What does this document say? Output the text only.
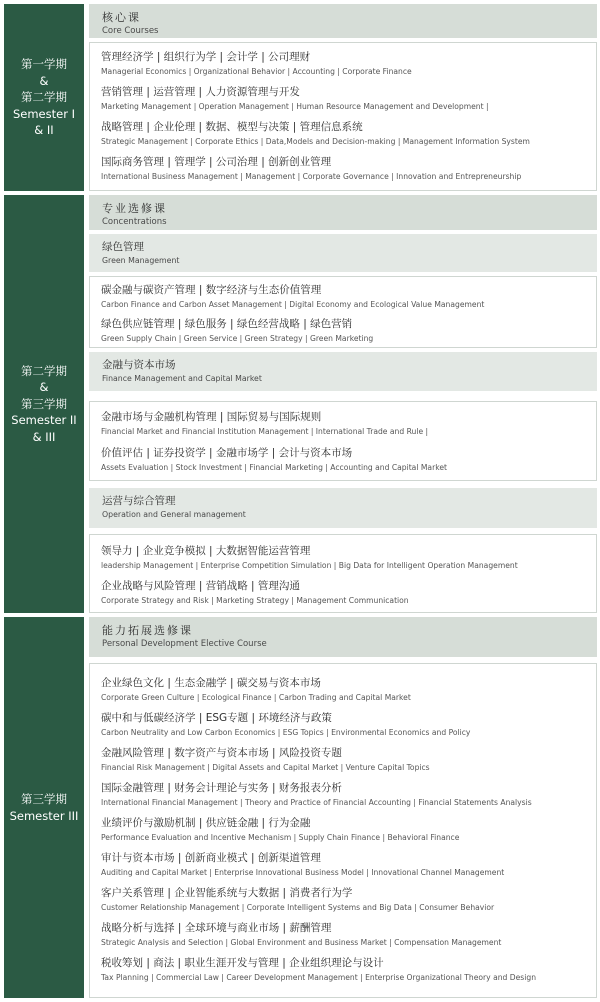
第一学期
&
第二学期
Semester I
& II
第二学期
&
第三学期
Semester II
& III
第三学期
Semester III
核心课
Core Courses
管理经济学 | 组织行为学 | 会计学 | 公司理财
Managerial Economics | Organizational Behavior | Accounting | Corporate Finance
营销管理 | 运营管理 | 人力资源管理与开发
Marketing Management | Operation Management | Human Resource Management and Development |
战略管理 | 企业伦理 | 数据、模型与决策 | 管理信息系统
Strategic Management | Corporate Ethics | Data,Models and Decision-making | Management Information System
国际商务管理 | 管理学 | 公司治理 | 创新创业管理
International Business Management | Management | Corporate Governance | Innovation and Entrepreneurship
专业选修课
Concentrations
绿色管理
Green Management
碳金融与碳资产管理 | 数字经济与生态价值管理
Carbon Finance and Carbon Asset Management | Digital Economy and Ecological Value Management
绿色供应链管理 | 绿色服务 | 绿色经营战略 | 绿色营销
Green Supply Chain | Green Service | Green Strategy | Green Marketing
金融与资本市场
Finance Management and Capital Market
金融市场与金融机构管理 | 国际贸易与国际规则
Financial Market and Financial Institution Management | International Trade and Rule |
价值评估 | 证券投资学 | 金融市场学 | 会计与资本市场
Assets Evaluation | Stock Investment | Financial Marketing | Accounting and Capital Market
运营与综合管理
Operation and General management
领导力 | 企业竞争模拟 | 大数据智能运营管理
leadership Management | Enterprise Competition Simulation | Big Data for Intelligent Operation Management
企业战略与风险管理 | 营销战略 | 管理沟通
Corporate Strategy and Risk | Marketing Strategy | Management Communication
能力拓展选修课
Personal Development Elective Course
企业绿色文化 | 生态金融学 | 碳交易与资本市场
Corporate Green Culture | Ecological Finance | Carbon Trading and Capital Market
碳中和与低碳经济学 | ESG专题 | 环境经济与政策
Carbon Neutrality and Low Carbon Economics | ESG Topics | Environmental Economics and Policy
金融风险管理 | 数字资产与资本市场 | 风险投资专题
Financial Risk Management | Digital Assets and Capital Market | Venture Capital Topics
国际金融管理 | 财务会计理论与实务 | 财务报表分析
International Financial Management | Theory and Practice of Financial Accounting | Financial Statements Analysis
业绩评价与激励机制 | 供应链金融 | 行为金融
Performance Evaluation and Incentive Mechanism | Supply Chain Finance | Behavioral Finance
审计与资本市场 | 创新商业模式 | 创新渠道管理
Auditing and Capital Market | Enterprise Innovational Business Model | Innovational Channel Management
客户关系管理 | 企业智能系统与大数据 | 消费者行为学
Customer Relationship Management | Corporate Intelligent Systems and Big Data | Consumer Behavior
战略分析与选择 | 全球环境与商业市场 | 薪酬管理
Strategic Analysis and Selection | Global Environment and Business Market | Compensation Management
税收筹划 | 商法 | 职业生涯开发与管理 | 企业组织理论与设计
Tax Planning | Commercial Law | Career Development Management | Enterprise Organizational Theory and Design
